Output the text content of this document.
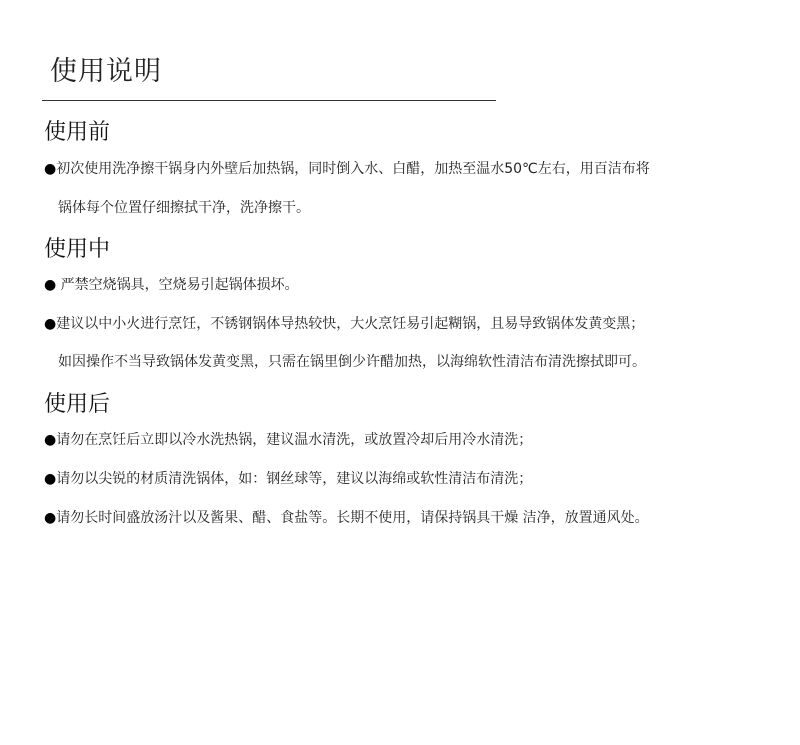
使用说明
使用前
●初次使用洗净擦干锅身内外壁后加热锅，同时倒入水、白醋，加热至温水50℃左右，用百洁布将
锅体每个位置仔细擦拭干净，洗净擦干。
使用中
● 严禁空烧锅具，空烧易引起锅体损坏。
●建议以中小火进行烹饪，不锈钢锅体导热较快，大火烹饪易引起糊锅，且易导致锅体发黄变黑；
如因操作不当导致锅体发黄变黑，只需在锅里倒少许醋加热，以海绵软性清洁布清洗擦拭即可。
使用后
●请勿在烹饪后立即以冷水洗热锅，建议温水清洗，或放置冷却后用冷水清洗；
●请勿以尖锐的材质清洗锅体，如：钢丝球等，建议以海绵或软性清洁布清洗；
●请勿长时间盛放汤汁以及酱果、醋、食盐等。长期不使用，请保持锅具干燥 洁净，放置通风处。
